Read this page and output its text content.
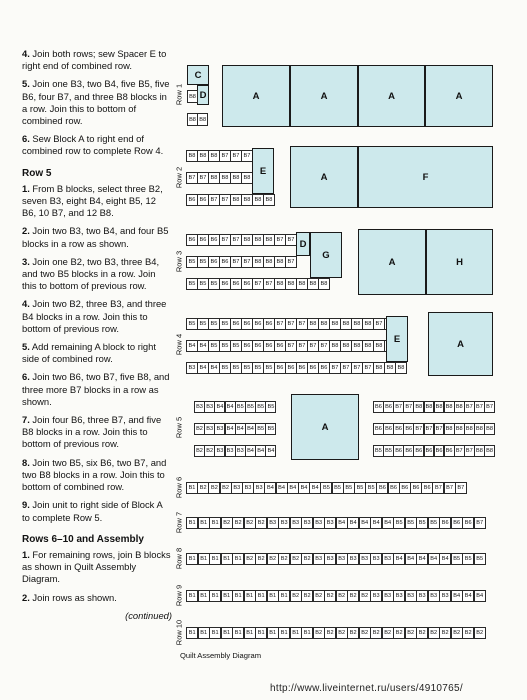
4. Join both rows; sew Spacer E to right end of combined row.

5. Join one B3, two B4, five B5, five B6, four B7, and three B8 blocks in a row. Join this to bottom of combined row.

6. Sew Block A to right end of combined row to complete Row 4.

Row 5

1. From B blocks, select three B2, seven B3, eight B4, eight B5, 12 B6, 10 B7, and 12 B8.

2. Join two B3, two B4, and four B5 blocks in a row as shown.

3. Join one B2, two B3, three B4, and two B5 blocks in a row. Join this to bottom of previous row.

4. Join two B2, three B3, and three B4 blocks in a row. Join this to bottom of previous row.

5. Add remaining A block to right side of combined row.

6. Join two B6, two B7, five B8, and three more B7 blocks in a row as shown.

7. Join four B6, three B7, and five B8 blocks in a row. Join this to bottom of previous row.

8. Join two B5, six B6, two B7, and two B8 blocks in a row. Join this to bottom of combined row.

9. Join unit to right side of Block A to complete Row 5.

Rows 6–10 and Assembly

1. For remaining rows, join B blocks as shown in Quilt Assembly Diagram.

2. Join rows as shown.

(continued)
Row 1
C
D
B8
B8 B8
A	A	A	A
Row 2
B8 B8 B8 B7 B7 B7
B7 B7 B8 B8 B8 B8
B6 B6 B7 B7 B8 B8 B8 B8
E
A	F
Row 3
B6 B6 B6 B7 B7 B8 B8 B8 B7 B7
B5 B5 B6 B6 B7 B7 B8 B8 B8 B7
B5 B5 B5 B6 B6 B6 B7 B7 B8 B8 B8 B8 B8
D
G
A	H
Row 4
B5 B5 B5 B5 B6 B6 B6 B6 B7 B7 B7 B8 B8 B8 B8 B8 B8 B7
B4 B4 B5 B5 B5 B6 B6 B6 B6 B7 B7 B7 B7 B8 B8 B8 B8 B8
B3 B4 B4 B5 B5 B5 B5 B5 B6 B6 B6 B6 B6 B7 B7 B7 B7 B8 B8 B8
E	A
Row 5
B3 B3 B4 B4 B5 B5 B5 B5
B2 B3 B3 B4 B4 B4 B5 B5
B2 B2 B3 B3 B3 B4 B4 B4
A
B6 B6 B7 B7 B8 B8 B8 B8 B8 B7 B7 B7
B6 B6 B6 B6 B7 B7 B7 B8 B8 B8 B8 B8
B5 B5 B6 B6 B6 B6 B6 B6 B7 B7 B8 B8
Row 6 B1 B2 B2 B2 B3 B3 B3 B4 B4 B4 B4 B4 B5 B5 B5 B5 B5 B6 B6 B6 B6 B6 B7 B7 B7
Row 7 B1 B1 B1 B2 B2 B2 B2 B3 B3 B3 B3 B3 B3 B4 B4 B4 B4 B4 B5 B5 B5 B5 B6 B6 B6 B7
Row 8 B1 B1 B1 B1 B1 B2 B2 B2 B2 B2 B2 B3 B3 B3 B3 B3 B3 B3 B4 B4 B4 B4 B4 B5 B5 B5
Row 9 B1 B1 B1 B1 B1 B1 B1 B1 B1 B2 B2 B2 B2 B2 B2 B2 B3 B3 B3 B3 B3 B3 B3 B4 B4 B4
Row 10 B1 B1 B1 B1 B1 B1 B1 B1 B1 B1 B1 B2 B2 B2 B2 B2 B2 B2 B2 B2 B2 B2 B2 B2 B2 B2
Quilt Assembly Diagram
http://www.liveinternet.ru/users/4910765/
